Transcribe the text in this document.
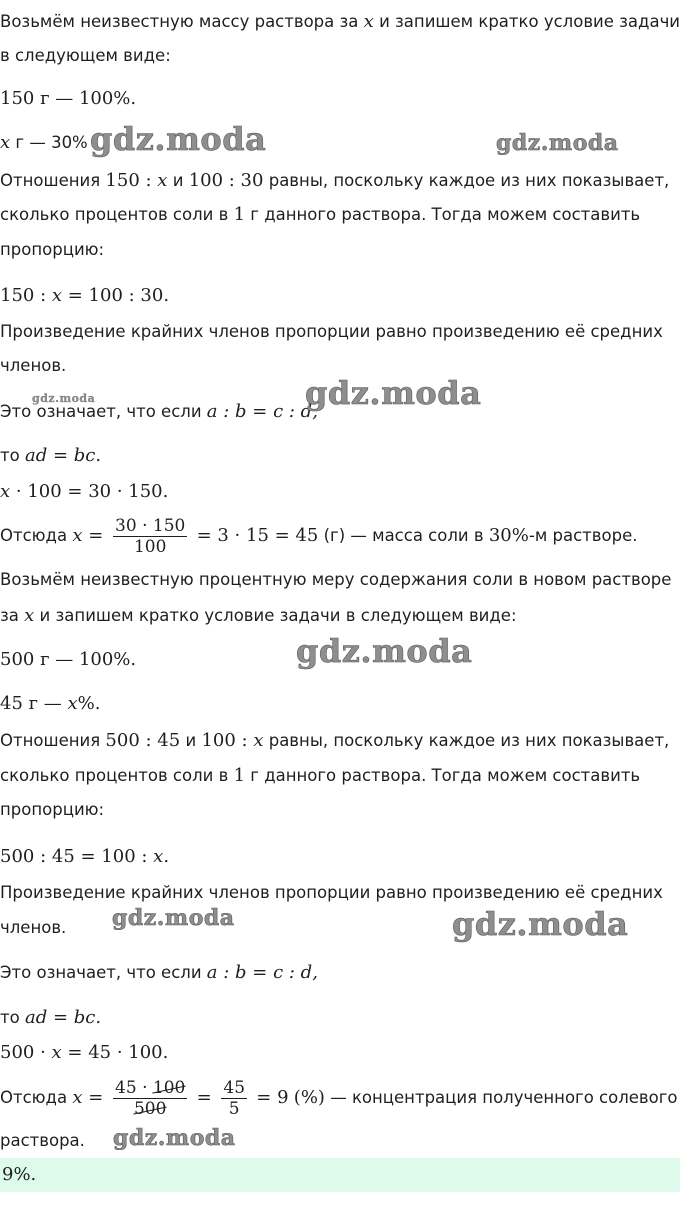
Возьмём неизвестную массу раствора за x и запишем кратко условие задачи
в следующем виде:
150 г — 100%.
x г — 30%
Отношения 150 : x и 100 : 30 равны, поскольку каждое из них показывает,
сколько процентов соли в 1 г данного раствора. Тогда можем составить
пропорцию:
150 : x = 100 : 30.
Произведение крайних членов пропорции равно произведению её средних
членов.
Это означает, что если a : b = c : d,
то ad = bc.
x · 100 = 30 · 150.
Отсюда $x = \frac{30 \cdot 150}{100} = 3 \cdot 15 = 45$ (г) — масса соли в 30%-м растворе.
Возьмём неизвестную процентную меру содержания соли в новом растворе
за x и запишем кратко условие задачи в следующем виде:
500 г — 100%.
45 г — x%.
Отношения 500 : 45 и 100 : x равны, поскольку каждое из них показывает,
сколько процентов соли в 1 г данного раствора. Тогда можем составить
пропорцию:
500 : 45 = 100 : x.
Произведение крайних членов пропорции равно произведению её средних
членов.
Это означает, что если a : b = c : d,
то ad = bc.
500 · x = 45 · 100.
Отсюда $x = \frac{45 \cdot 100}{500} = \frac{45}{5} = 9$ (%) — концентрация полученного солевого
раствора.
9%.
gdz.moda	gdz.moda
gdz.moda	gdz.moda
gdz.moda
gdz.moda	gdz.moda
gdz.moda
